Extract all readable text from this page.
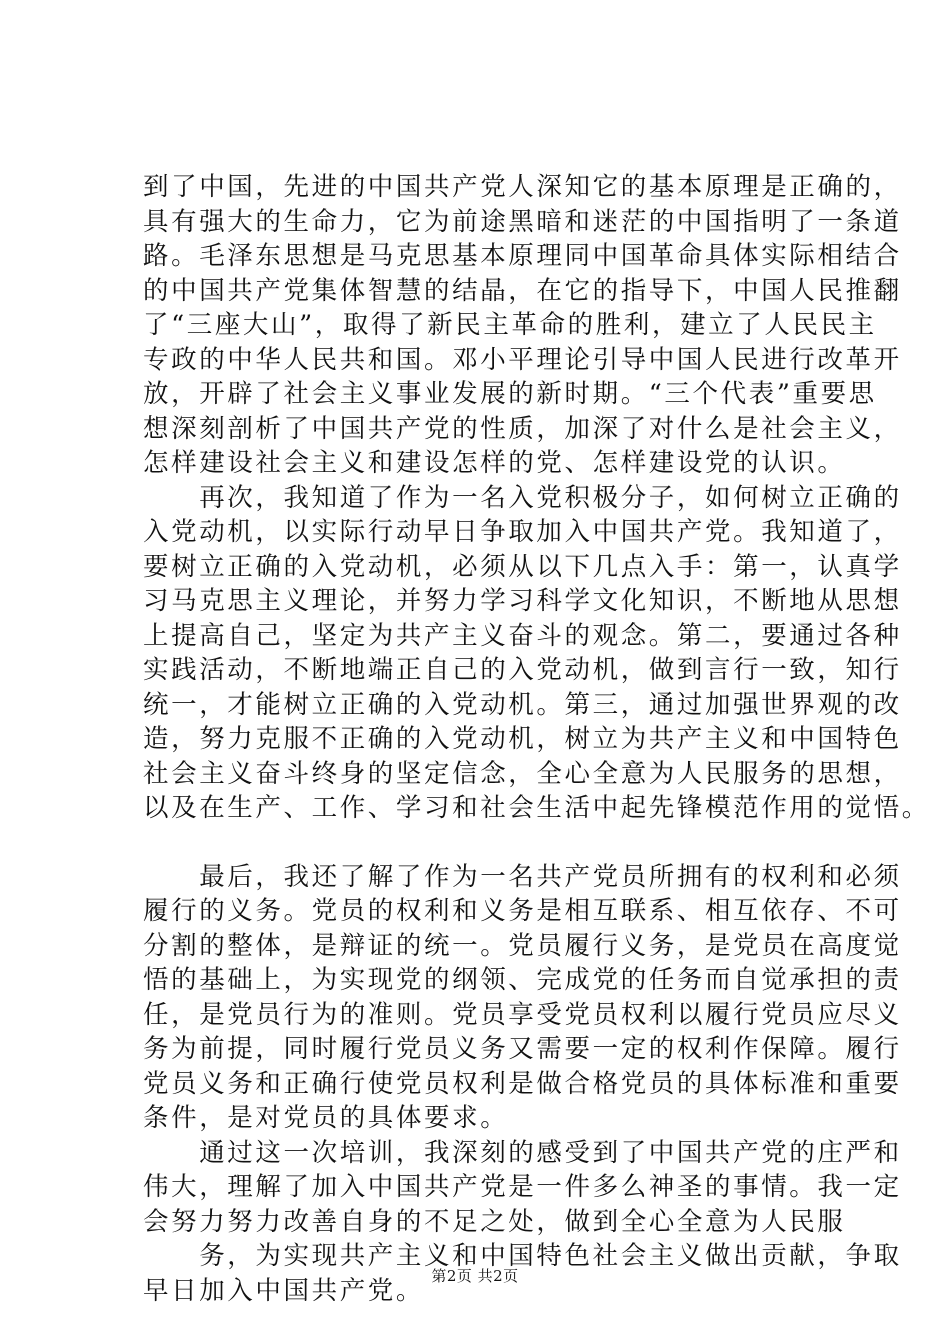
到了中国，先进的中国共产党人深知它的基本原理是正确的，
具有强大的生命力，它为前途黑暗和迷茫的中国指明了一条道
路。毛泽东思想是马克思基本原理同中国革命具体实际相结合
的中国共产党集体智慧的结晶，在它的指导下，中国人民推翻
了“三座大山”，取得了新民主革命的胜利，建立了人民民主
专政的中华人民共和国。邓小平理论引导中国人民进行改革开
放，开辟了社会主义事业发展的新时期。“三个代表”重要思
想深刻剖析了中国共产党的性质，加深了对什么是社会主义，
怎样建设社会主义和建设怎样的党、怎样建设党的认识。
　　再次，我知道了作为一名入党积极分子，如何树立正确的
入党动机，以实际行动早日争取加入中国共产党。我知道了，
要树立正确的入党动机，必须从以下几点入手：第一，认真学
习马克思主义理论，并努力学习科学文化知识，不断地从思想
上提高自己，坚定为共产主义奋斗的观念。第二，要通过各种
实践活动，不断地端正自己的入党动机，做到言行一致，知行
统一，才能树立正确的入党动机。第三，通过加强世界观的改
造，努力克服不正确的入党动机，树立为共产主义和中国特色
社会主义奋斗终身的坚定信念，全心全意为人民服务的思想，
以及在生产、工作、学习和社会生活中起先锋模范作用的觉悟。
　　最后，我还了解了作为一名共产党员所拥有的权利和必须
履行的义务。党员的权利和义务是相互联系、相互依存、不可
分割的整体，是辩证的统一。党员履行义务，是党员在高度觉
悟的基础上，为实现党的纲领、完成党的任务而自觉承担的责
任，是党员行为的准则。党员享受党员权利以履行党员应尽义
务为前提，同时履行党员义务又需要一定的权利作保障。履行
党员义务和正确行使党员权利是做合格党员的具体标准和重要
条件，是对党员的具体要求。
　　通过这一次培训，我深刻的感受到了中国共产党的庄严和
伟大，理解了加入中国共产党是一件多么神圣的事情。我一定
会努力努力改善自身的不足之处，做到全心全意为人民服
　　务，为实现共产主义和中国特色社会主义做出贡献，争取
早日加入中国共产党。 第2页 共2页
